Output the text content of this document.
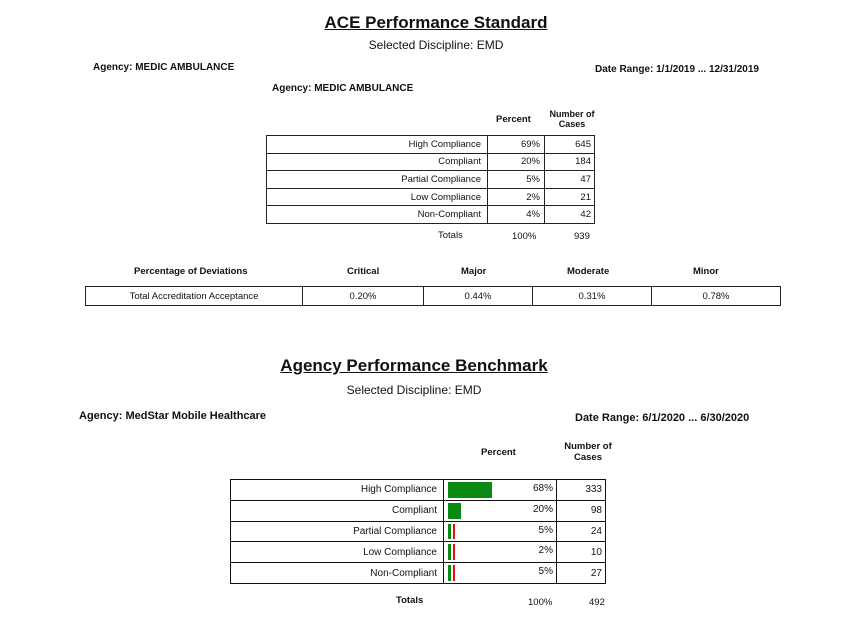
ACE Performance Standard
Selected Discipline: EMD
Agency: MEDIC AMBULANCE	Date Range: 1/1/2019 ... 12/31/2019
Agency: MEDIC AMBULANCE
Percent	Number of
Cases
High Compliance	69%	645
Compliant	20%	184
Partial Compliance	5%	47
Low Compliance	2%	21
Non-Compliant	4%	42
Totals	100%	939
Percentage of Deviations	Critical	Major	Moderate	Minor
Total Accreditation Acceptance	0.20%	0.44%	0.31%	0.78%
Agency Performance Benchmark
Selected Discipline: EMD
Agency: MedStar Mobile Healthcare	Date Range: 6/1/2020 ... 6/30/2020
Percent
Number of
Cases
High Compliance	68%	333
Compliant	20%	98
Partial Compliance	5%	24
Low Compliance	2%	10
Non-Compliant	5%	27
Totals	100%	492
